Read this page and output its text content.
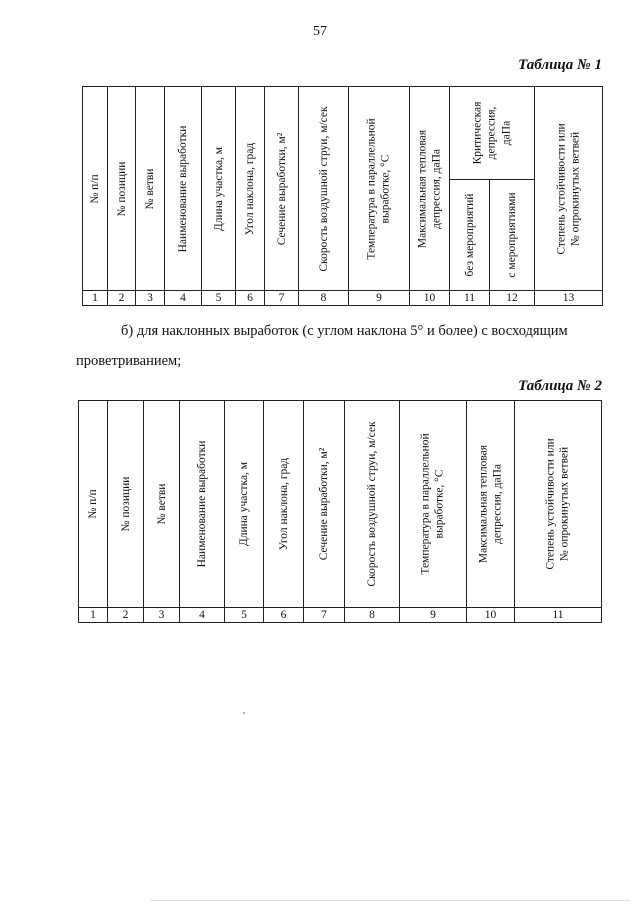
57
Таблица № 1
№ п/п	№ позиции	№ ветви	Наименование выработки	Длина участка, м	Угол наклона, град	Сечение выработки, м²	Скорость воздушной струи, м/сек	Температура в параллельной выработке, °С	Максимальная тепловая депрессия, даПа	Критическая депрессия, даПа		Степень устойчивости или № опрокинутых ветвей

										без мероприятий	с мероприятиями	

1	2	3	4	5	6	7	8	9	10	11	12	13
б) для наклонных выработок (с углом наклона 5° и более) с восходящим
проветриванием;
Таблица № 2
№ п/п	№ позиции	№ ветви	Наименование выработки	Длина участка, м	Угол наклона, град	Сечение выработки, м²	Скорость воздушной струи, м/сек	Температура в параллельной выработке, °С	Максимальная тепловая депрессия, даПа	Степень устойчивости или № опрокинутых ветвей

1	2	3	4	5	6	7	8	9	10	11
